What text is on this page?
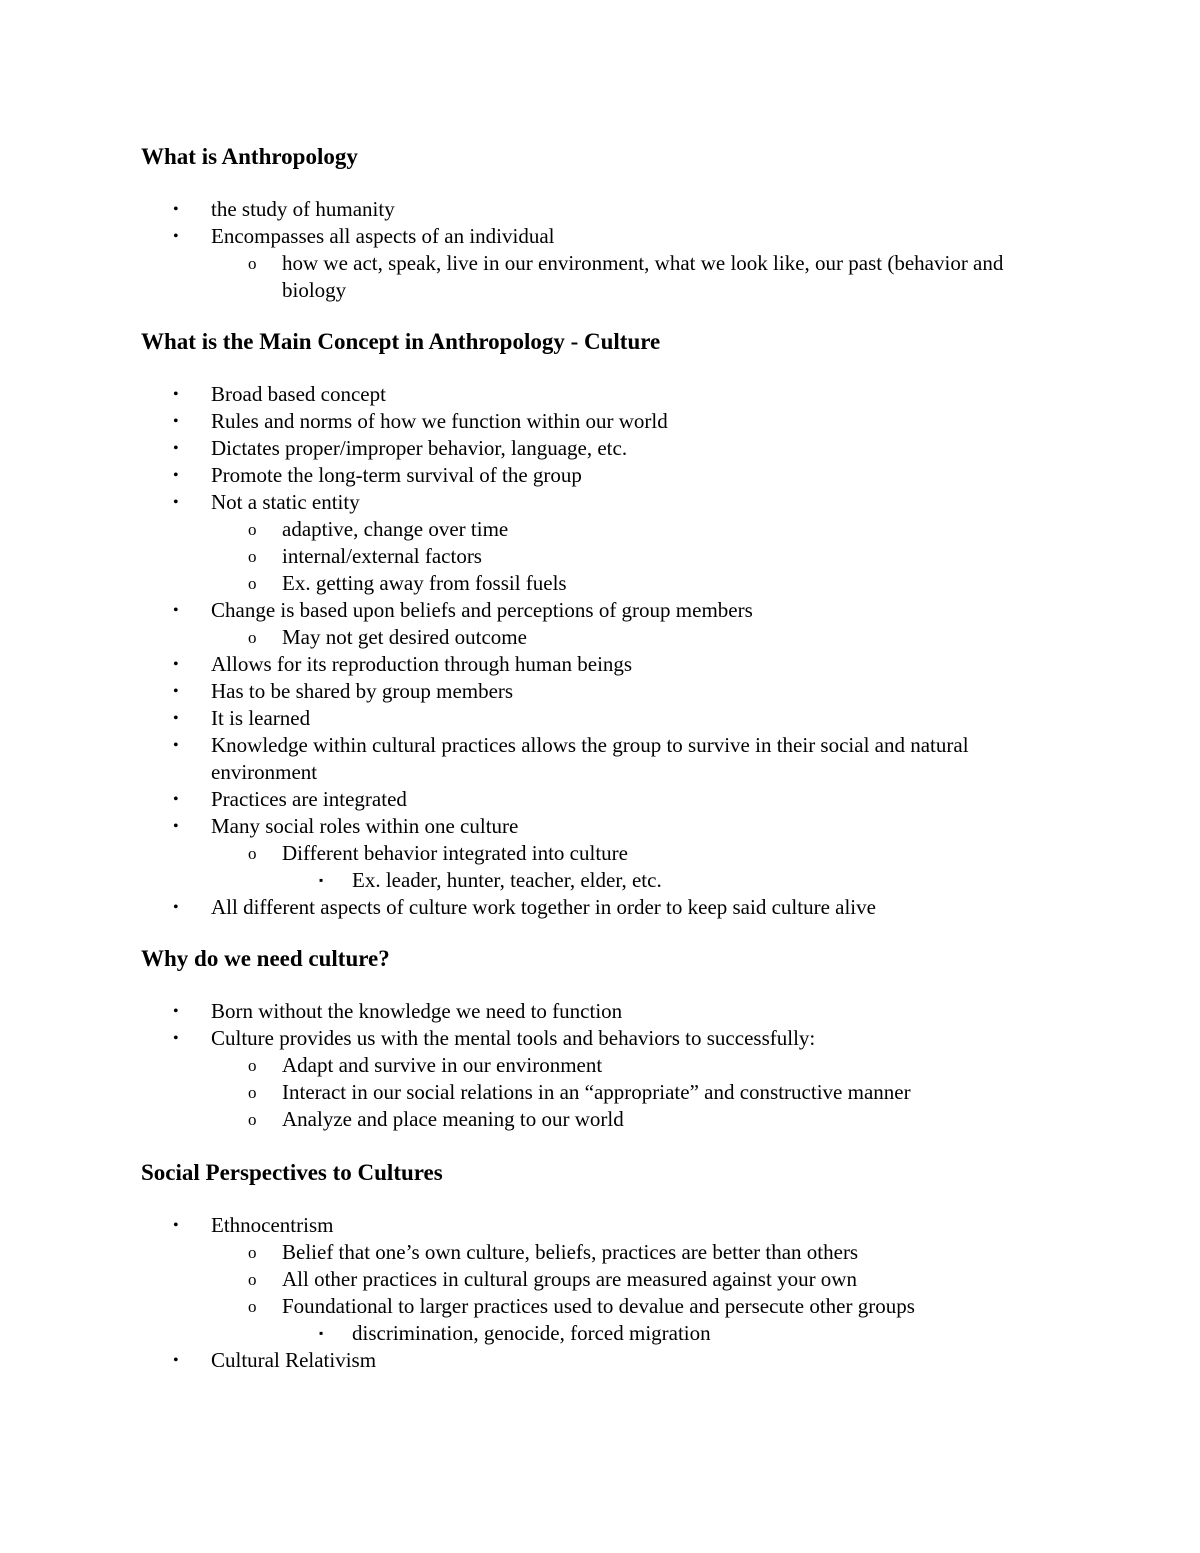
What is Anthropology
• the study of humanity
• Encompasses all aspects of an individual
o how we act, speak, live in our environment, what we look like, our past (behavior and biology
What is the Main Concept in Anthropology - Culture
• Broad based concept
• Rules and norms of how we function within our world
• Dictates proper/improper behavior, language, etc.
• Promote the long-term survival of the group
• Not a static entity
o adaptive, change over time
o internal/external factors
o Ex. getting away from fossil fuels
• Change is based upon beliefs and perceptions of group members
o May not get desired outcome
• Allows for its reproduction through human beings
• Has to be shared by group members
• It is learned
• Knowledge within cultural practices allows the group to survive in their social and natural environment
• Practices are integrated
• Many social roles within one culture
o Different behavior integrated into culture
▪ Ex. leader, hunter, teacher, elder, etc.
• All different aspects of culture work together in order to keep said culture alive
Why do we need culture?
• Born without the knowledge we need to function
• Culture provides us with the mental tools and behaviors to successfully:
o Adapt and survive in our environment
o Interact in our social relations in an “appropriate” and constructive manner
o Analyze and place meaning to our world
Social Perspectives to Cultures
• Ethnocentrism
o Belief that one’s own culture, beliefs, practices are better than others
o All other practices in cultural groups are measured against your own
o Foundational to larger practices used to devalue and persecute other groups
▪ discrimination, genocide, forced migration
• Cultural Relativism
